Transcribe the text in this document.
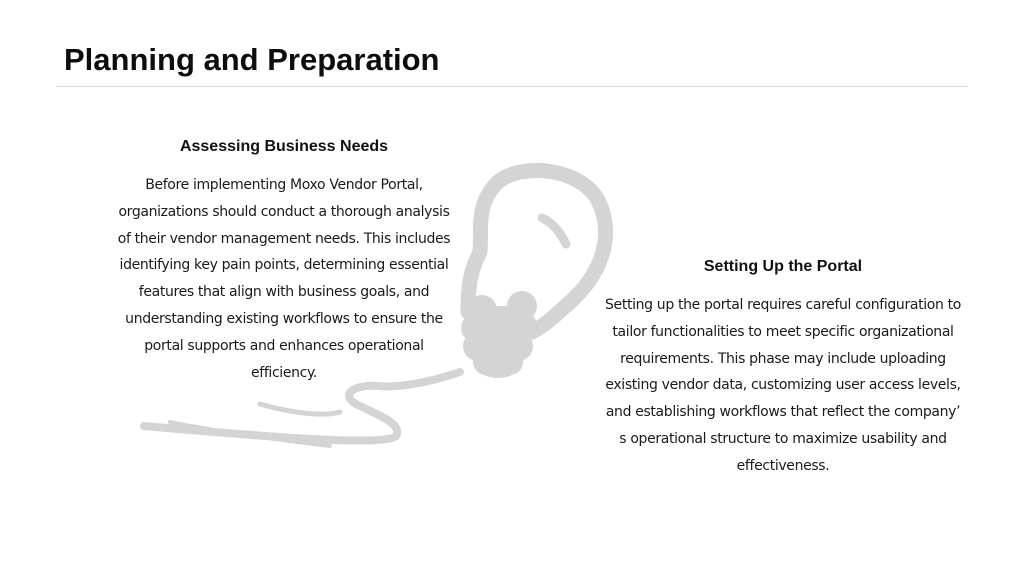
Planning and Preparation
Assessing Business Needs

Before implementing Moxo Vendor Portal, organizations should conduct a thorough analysis of their vendor management needs. This includes identifying key pain points, determining essential features that align with business goals, and understanding existing workflows to ensure the portal supports and enhances operational efficiency.

Setting Up the Portal

Setting up the portal requires careful configuration to tailor functionalities to meet specific organizational requirements. This phase may include uploading existing vendor data, customizing user access levels, and establishing workflows that reflect the company’ s operational structure to maximize usability and effectiveness.
